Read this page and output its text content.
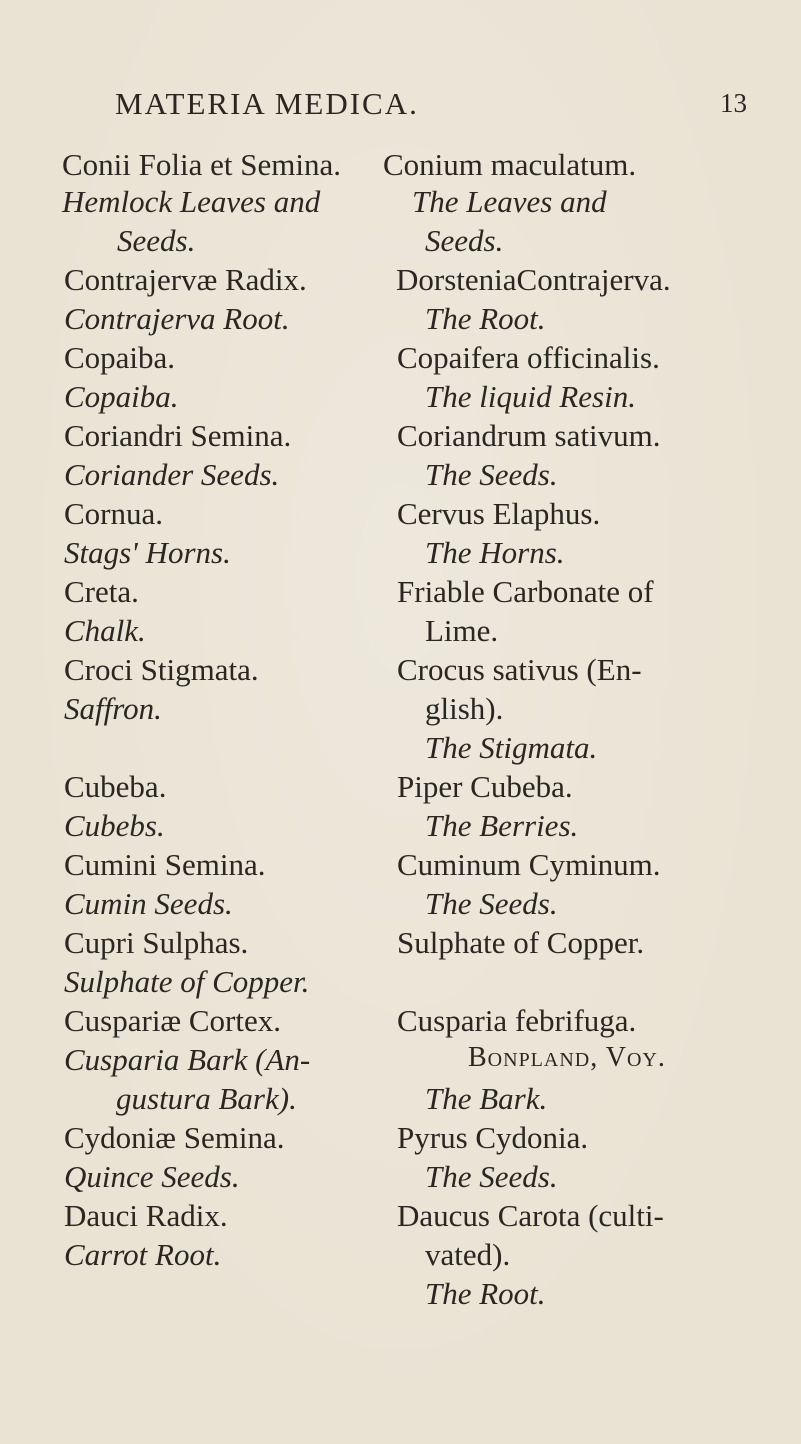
MATERIA MEDICA.	13
Conii Folia et Semina.
Hemlock Leaves and
Seeds.
Contrajervæ Radix.
Contrajerva Root.
Copaiba.
Copaiba.
Coriandri Semina.
Coriander Seeds.
Cornua.
Stags' Horns.
Creta.
Chalk.
Croci Stigmata.
Saffron.
Cubeba.
Cubebs.
Cumini Semina.
Cumin Seeds.
Cupri Sulphas.
Sulphate of Copper.
Cuspariæ Cortex.
Cusparia Bark (An-
gustura Bark).
Cydoniæ Semina.
Quince Seeds.
Dauci Radix.
Carrot Root.
Conium maculatum.
The Leaves and
Seeds.
DorsteniaContrajerva.
The Root.
Copaifera officinalis.
The liquid Resin.
Coriandrum sativum.
The Seeds.
Cervus Elaphus.
The Horns.
Friable Carbonate of
Lime.
Crocus sativus (En-
glish).
The Stigmata.
Piper Cubeba.
The Berries.
Cuminum Cyminum.
The Seeds.
Sulphate of Copper.
Cusparia febrifuga.
Bonpland, Voy.
The Bark.
Pyrus Cydonia.
The Seeds.
Daucus Carota (culti-
vated).
The Root.
